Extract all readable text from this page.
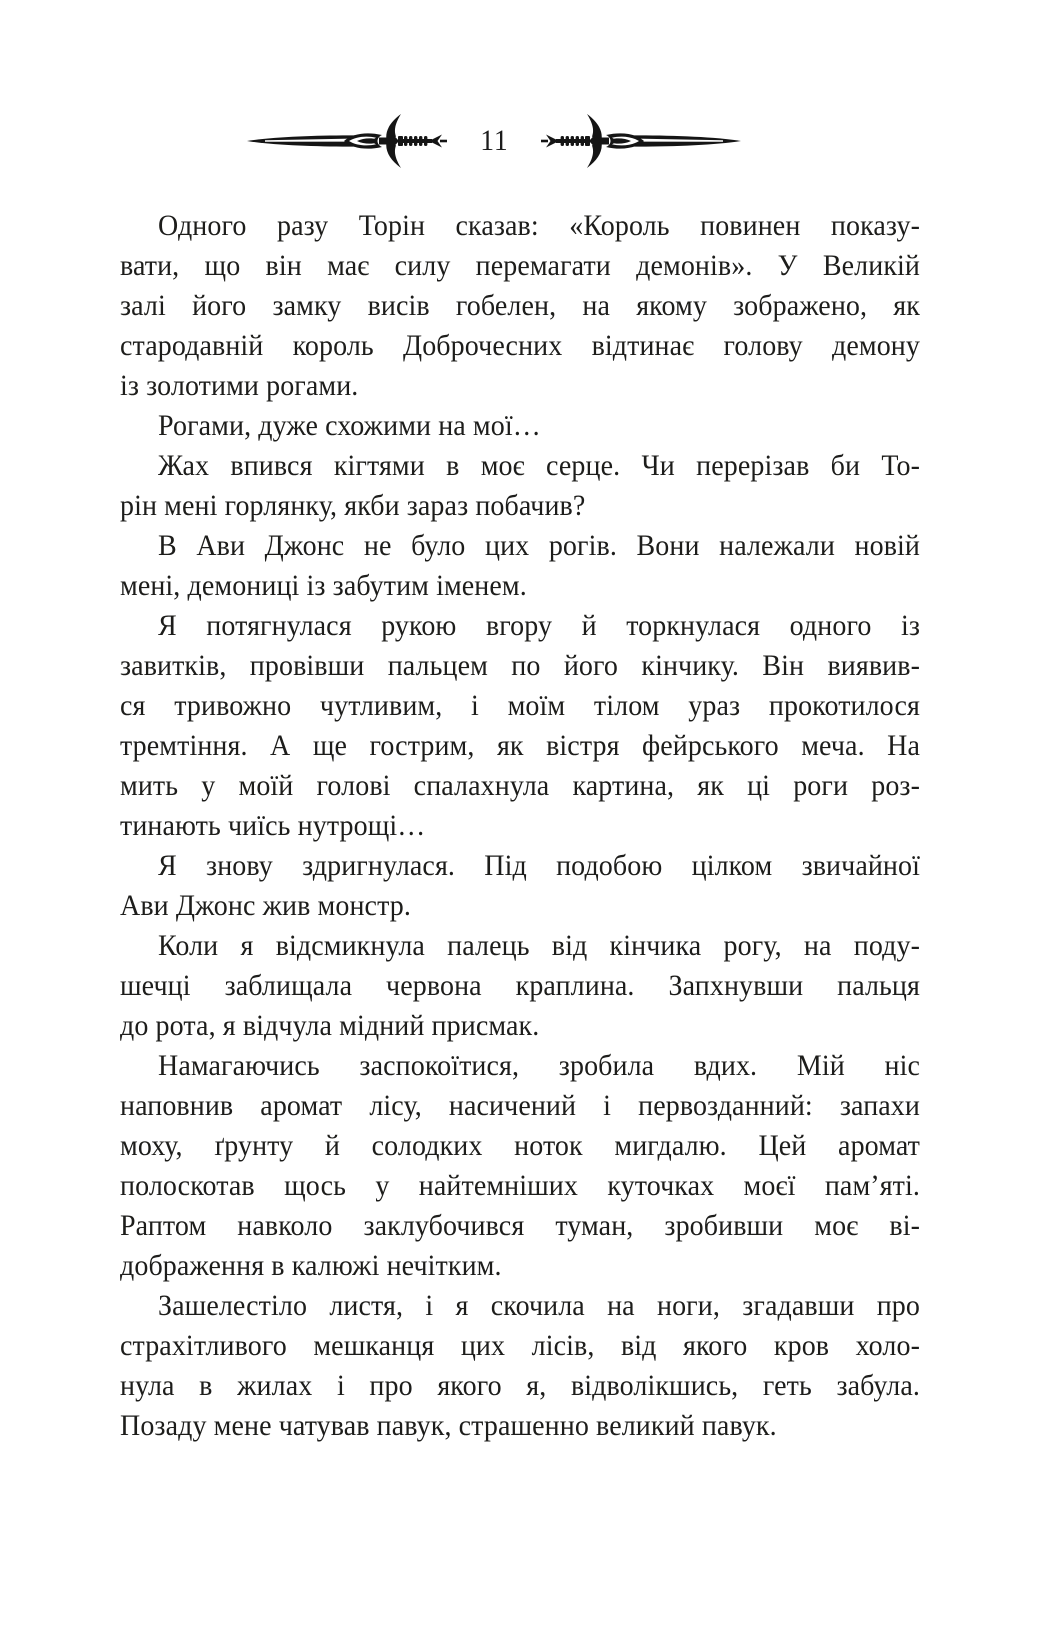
11
Одного разу Торін сказав: «Король повинен показу-
вати, що він має силу перемагати демонів». У Великій
залі його замку висів гобелен, на якому зображено, як
стародавній король Доброчесних відтинає голову демону
із золотими рогами.
Рогами, дуже схожими на мої…
Жах впився кігтями в моє серце. Чи перерізав би То-
рін мені горлянку, якби зараз побачив?
В Ави Джонс не було цих рогів. Вони належали новій
мені, демониці із забутим іменем.
Я потягнулася рукою вгору й торкнулася одного із
завитків, провівши пальцем по його кінчику. Він виявив-
ся тривожно чутливим, і моїм тілом ураз прокотилося
тремтіння. А ще гострим, як вістря фейрського меча. На
мить у моїй голові спалахнула картина, як ці роги роз-
тинають чиїсь нутрощі…
Я знову здригнулася. Під подобою цілком звичайної
Ави Джонс жив монстр.
Коли я відсмикнула палець від кінчика рогу, на поду-
шечці заблищала червона краплина. Запхнувши пальця
до рота, я відчула мідний присмак.
Намагаючись заспокоїтися, зробила вдих. Мій ніс
наповнив аромат лісу, насичений і первозданний: запахи
моху, ґрунту й солодких ноток мигдалю. Цей аромат
полоскотав щось у найтемніших куточках моєї пам’яті.
Раптом навколо заклубочився туман, зробивши моє ві-
дображення в калюжі нечітким.
Зашелестіло листя, і я скочила на ноги, згадавши про
страхітливого мешканця цих лісів, від якого кров холо-
нула в жилах і про якого я, відволікшись, геть забула.
Позаду мене чатував павук, страшенно великий павук.
